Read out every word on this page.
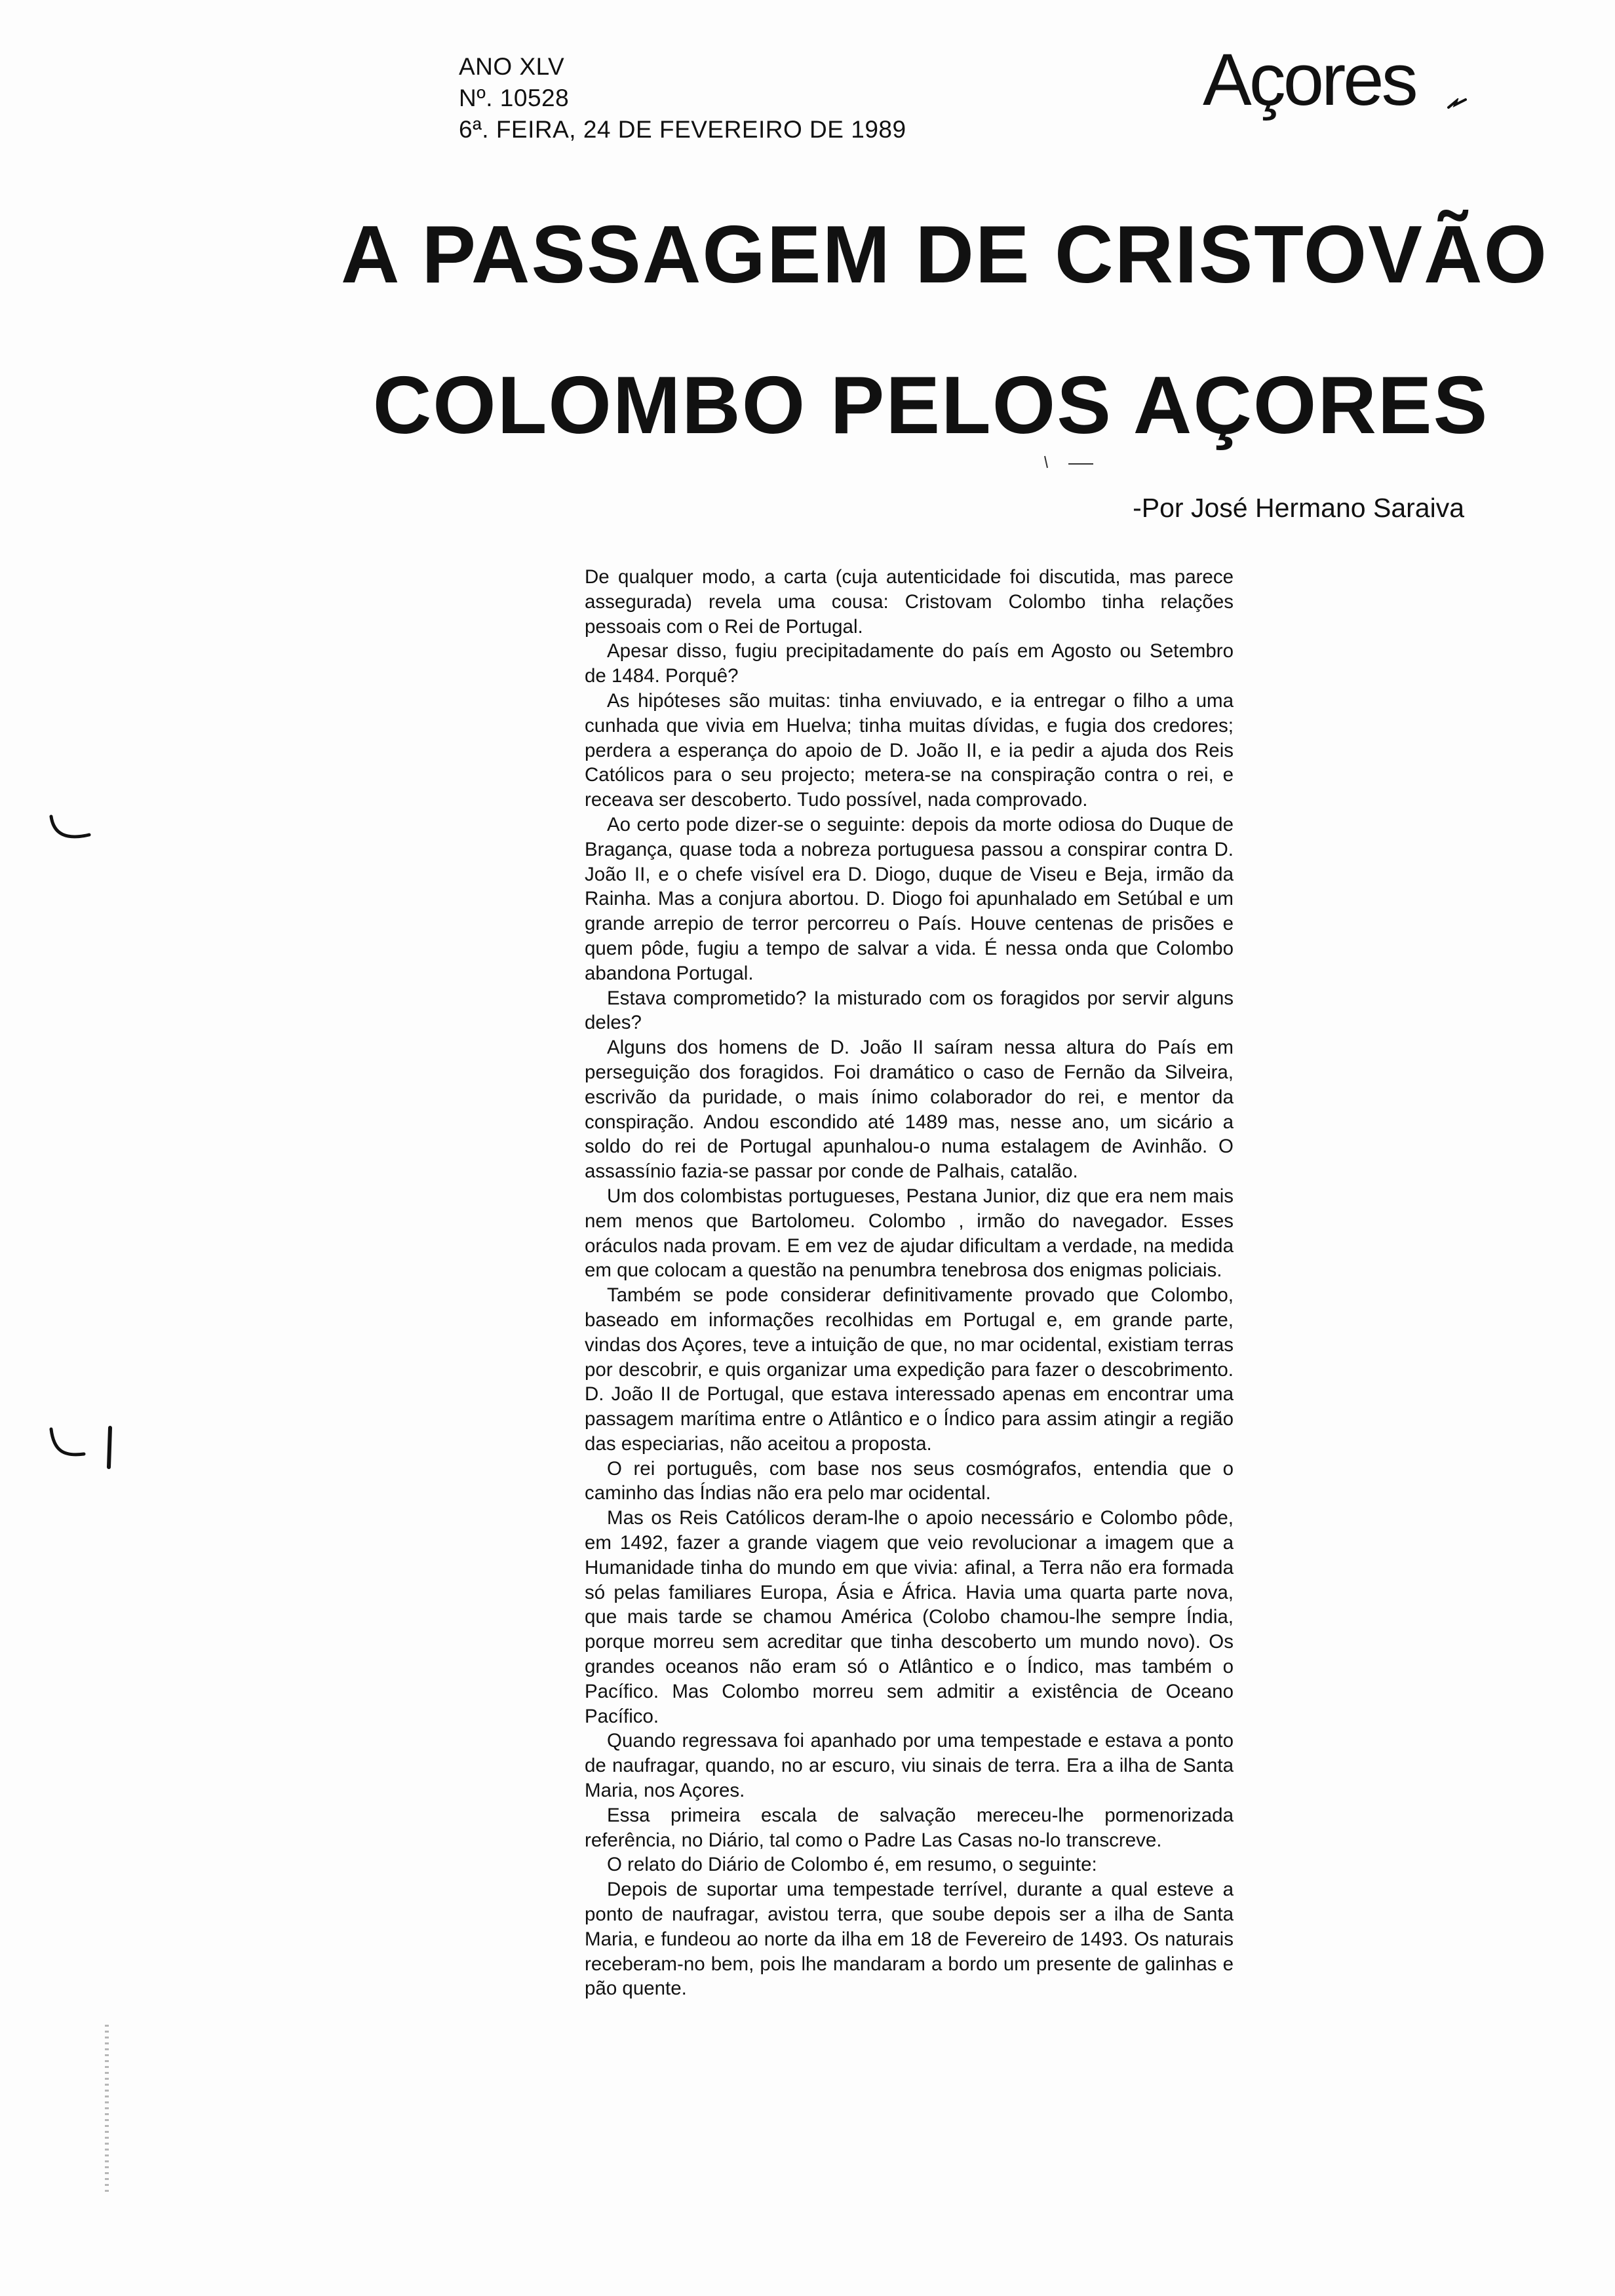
ANO XLV
Nº. 10528
6ª. FEIRA, 24 DE FEVEREIRO DE 1989
Açores
A PASSAGEM DE CRISTOVÃO
COLOMBO PELOS AÇORES
-Por José Hermano Saraiva

De qualquer modo, a carta (cuja autenticidade foi discutida, mas parece assegurada) revela uma cousa: Cristovam Colombo tinha relações pessoais com o Rei de Portugal.

Apesar disso, fugiu precipitadamente do país em Agosto ou Setembro de 1484. Porquê?

As hipóteses são muitas: tinha enviuvado, e ia entregar o filho a uma cunhada que vivia em Huelva; tinha muitas dívidas, e fugia dos credores; perdera a esperança do apoio de D. João II, e ia pedir a ajuda dos Reis Católicos para o seu projecto; metera-se na conspiração contra o rei, e receava ser descoberto. Tudo possível, nada comprovado.

Ao certo pode dizer-se o seguinte: depois da morte odiosa do Duque de Bragança, quase toda a nobreza portuguesa passou a conspirar contra D. João II, e o chefe visível era D. Diogo, duque de Viseu e Beja, irmão da Rainha. Mas a conjura abortou. D. Diogo foi apunhalado em Setúbal e um grande arrepio de terror percorreu o País. Houve centenas de prisões e quem pôde, fugiu a tempo de salvar a vida. É nessa onda que Colombo abandona Portugal.

Estava comprometido? Ia misturado com os foragidos por servir alguns deles?

Alguns dos homens de D. João II saíram nessa altura do País em perseguição dos foragidos. Foi dramático o caso de Fernão da Silveira, escrivão da puridade, o mais ínimo colaborador do rei, e mentor da conspiração. Andou escondido até 1489 mas, nesse ano, um sicário a soldo do rei de Portugal apunhalou-o numa estalagem de Avinhão. O assassínio fazia-se passar por conde de Palhais, catalão.

Um dos colombistas portugueses, Pestana Junior, diz que era nem mais nem menos que Bartolomeu. Colombo , irmão do navegador. Esses oráculos nada provam. E em vez de ajudar dificultam a verdade, na medida em que colocam a questão na penumbra tenebrosa dos enigmas policiais.

Também se pode considerar definitivamente provado que Colombo, baseado em informações recolhidas em Portugal e, em grande parte, vindas dos Açores, teve a intuição de que, no mar ocidental, existiam terras por descobrir, e quis organizar uma expedição para fazer o descobrimento. D. João II de Portugal, que estava interessado apenas em encontrar uma passagem marítima entre o Atlântico e o Índico para assim atingir a região das especiarias, não aceitou a proposta.

O rei português, com base nos seus cosmógrafos, entendia que o caminho das Índias não era pelo mar ocidental.

Mas os Reis Católicos deram-lhe o apoio necessário e Colombo pôde, em 1492, fazer a grande viagem que veio revolucionar a imagem que a Humanidade tinha do mundo em que vivia: afinal, a Terra não era formada só pelas familiares Europa, Ásia e África. Havia uma quarta parte nova, que mais tarde se chamou América (Colobo chamou-lhe sempre Índia, porque morreu sem acreditar que tinha descoberto um mundo novo). Os grandes oceanos não eram só o Atlântico e o Índico, mas também o Pacífico. Mas Colombo morreu sem admitir a existência de Oceano Pacífico.

Quando regressava foi apanhado por uma tempestade e estava a ponto de naufragar, quando, no ar escuro, viu sinais de terra. Era a ilha de Santa Maria, nos Açores.

Essa primeira escala de salvação mereceu-lhe pormenorizada referência, no Diário, tal como o Padre Las Casas no-lo transcreve.

O relato do Diário de Colombo é, em resumo, o seguinte:

Depois de suportar uma tempestade terrível, durante a qual esteve a ponto de naufragar, avistou terra, que soube depois ser a ilha de Santa Maria, e fundeou ao norte da ilha em 18 de Fevereiro de 1493. Os naturais receberam-no bem, pois lhe mandaram a bordo um presente de galinhas e pão quente.
